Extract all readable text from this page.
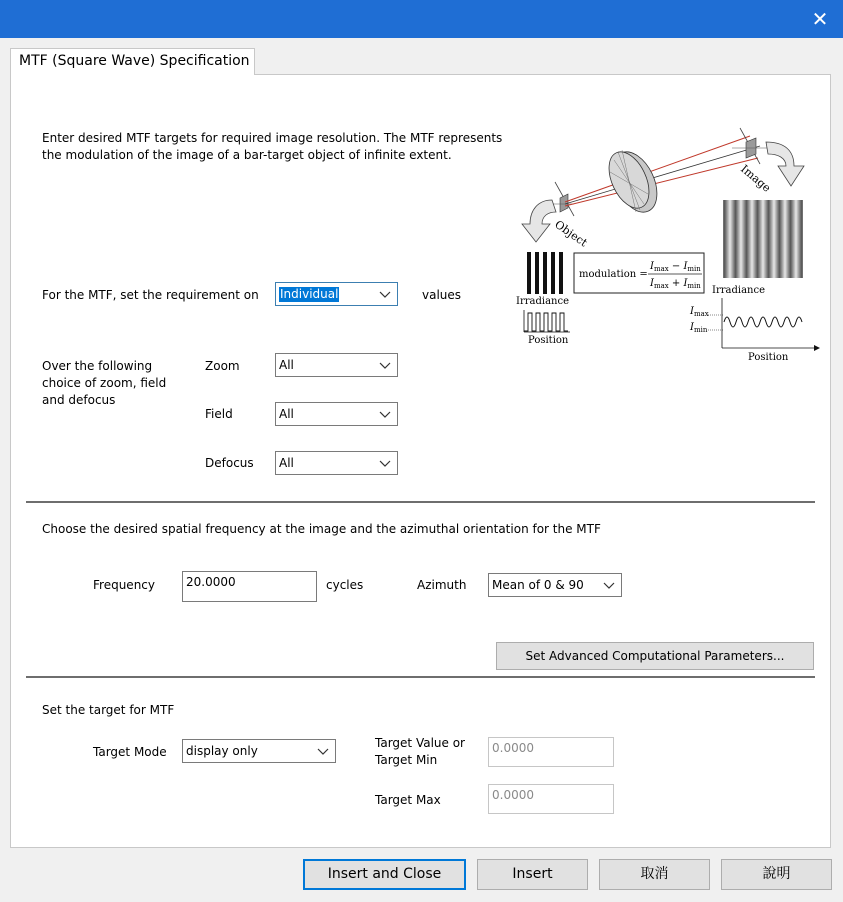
✕
MTF (Square Wave) Specification
Enter desired MTF targets for required image resolution. The MTF represents
the modulation of the image of a bar-target object of infinite extent.
For the MTF, set the requirement on	Individual	values
Over the following
choice of zoom, field
and defocus
Zoom	All
Field	All
Defocus	All
Object
Image
Irradiance
Position
modulation =
$I_{max} - I_{min}$
$I_{max} + I_{min}$ Irradiance
$I_{max}$
$I_{min}$
Position
Choose the desired spatial frequency at the image and the azimuthal orientation for the MTF
Frequency	20.0000	cycles	Azimuth	Mean of 0 & 90
Set Advanced Computational Parameters...
Set the target for MTF
Target Mode	display only
Target Value or
Target Min
0.0000
Target Max	0.0000
Insert and Close	Insert	取消	說明
